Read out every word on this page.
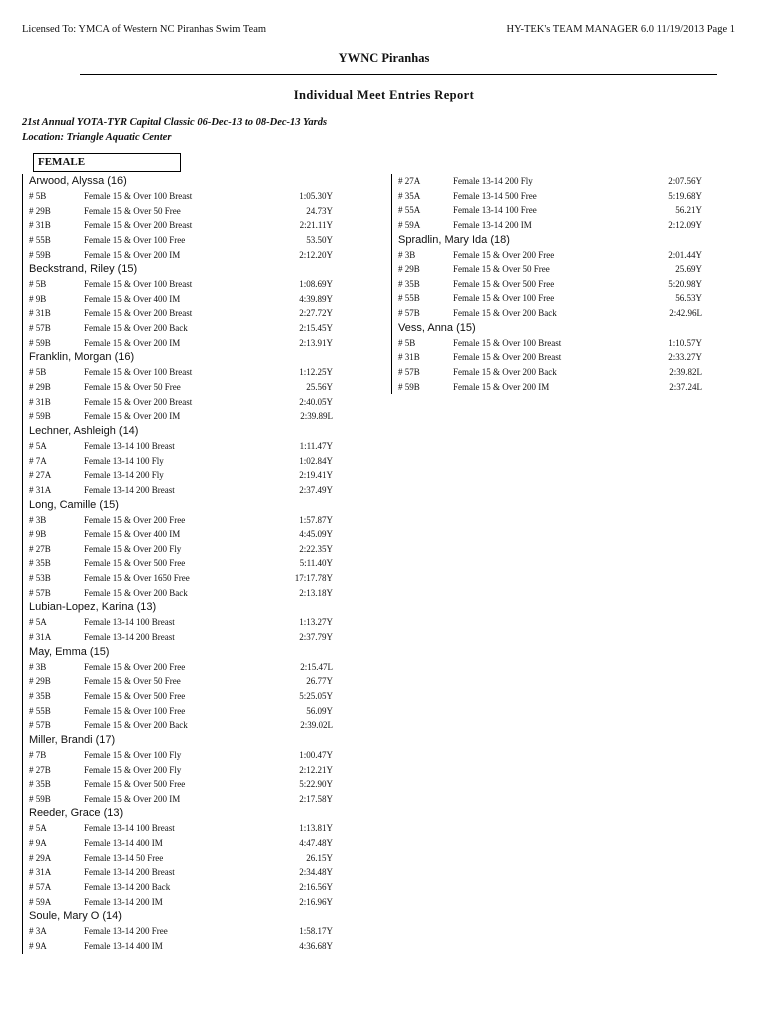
Licensed To: YMCA of Western NC Piranhas Swim Team	HY-TEK's TEAM MANAGER 6.0 11/19/2013 Page 1
YWNC Piranhas
Individual Meet Entries Report
21st Annual YOTA-TYR Capital Classic 06-Dec-13 to 08-Dec-13 Yards
Location: Triangle Aquatic Center
FEMALE
Arwood, Alyssa (16)
# 5B	Female 15 & Over 100 Breast	1:05.30Y
# 29B	Female 15 & Over 50 Free	24.73Y
# 31B	Female 15 & Over 200 Breast	2:21.11Y
# 55B	Female 15 & Over 100 Free	53.50Y
# 59B	Female 15 & Over 200 IM	2:12.20Y
Beckstrand, Riley (15)
# 5B	Female 15 & Over 100 Breast	1:08.69Y
# 9B	Female 15 & Over 400 IM	4:39.89Y
# 31B	Female 15 & Over 200 Breast	2:27.72Y
# 57B	Female 15 & Over 200 Back	2:15.45Y
# 59B	Female 15 & Over 200 IM	2:13.91Y
Franklin, Morgan (16)
# 5B	Female 15 & Over 100 Breast	1:12.25Y
# 29B	Female 15 & Over 50 Free	25.56Y
# 31B	Female 15 & Over 200 Breast	2:40.05Y
# 59B	Female 15 & Over 200 IM	2:39.89L
Lechner, Ashleigh (14)
# 5A	Female 13-14 100 Breast	1:11.47Y
# 7A	Female 13-14 100 Fly	1:02.84Y
# 27A	Female 13-14 200 Fly	2:19.41Y
# 31A	Female 13-14 200 Breast	2:37.49Y
Long, Camille (15)
# 3B	Female 15 & Over 200 Free	1:57.87Y
# 9B	Female 15 & Over 400 IM	4:45.09Y
# 27B	Female 15 & Over 200 Fly	2:22.35Y
# 35B	Female 15 & Over 500 Free	5:11.40Y
# 53B	Female 15 & Over 1650 Free	17:17.78Y
# 57B	Female 15 & Over 200 Back	2:13.18Y
Lubian-Lopez, Karina (13)
# 5A	Female 13-14 100 Breast	1:13.27Y
# 31A	Female 13-14 200 Breast	2:37.79Y
May, Emma (15)
# 3B	Female 15 & Over 200 Free	2:15.47L
# 29B	Female 15 & Over 50 Free	26.77Y
# 35B	Female 15 & Over 500 Free	5:25.05Y
# 55B	Female 15 & Over 100 Free	56.09Y
# 57B	Female 15 & Over 200 Back	2:39.02L
Miller, Brandi (17)
# 7B	Female 15 & Over 100 Fly	1:00.47Y
# 27B	Female 15 & Over 200 Fly	2:12.21Y
# 35B	Female 15 & Over 500 Free	5:22.90Y
# 59B	Female 15 & Over 200 IM	2:17.58Y
Reeder, Grace (13)
# 5A	Female 13-14 100 Breast	1:13.81Y
# 9A	Female 13-14 400 IM	4:47.48Y
# 29A	Female 13-14 50 Free	26.15Y
# 31A	Female 13-14 200 Breast	2:34.48Y
# 57A	Female 13-14 200 Back	2:16.56Y
# 59A	Female 13-14 200 IM	2:16.96Y
Soule, Mary O (14)
# 3A	Female 13-14 200 Free	1:58.17Y
# 9A	Female 13-14 400 IM	4:36.68Y
# 27A	Female 13-14 200 Fly	2:07.56Y
# 35A	Female 13-14 500 Free	5:19.68Y
# 55A	Female 13-14 100 Free	56.21Y
# 59A	Female 13-14 200 IM	2:12.09Y
Spradlin, Mary Ida (18)
# 3B	Female 15 & Over 200 Free	2:01.44Y
# 29B	Female 15 & Over 50 Free	25.69Y
# 35B	Female 15 & Over 500 Free	5:20.98Y
# 55B	Female 15 & Over 100 Free	56.53Y
# 57B	Female 15 & Over 200 Back	2:42.96L
Vess, Anna (15)
# 5B	Female 15 & Over 100 Breast	1:10.57Y
# 31B	Female 15 & Over 200 Breast	2:33.27Y
# 57B	Female 15 & Over 200 Back	2:39.82L
# 59B	Female 15 & Over 200 IM	2:37.24L
